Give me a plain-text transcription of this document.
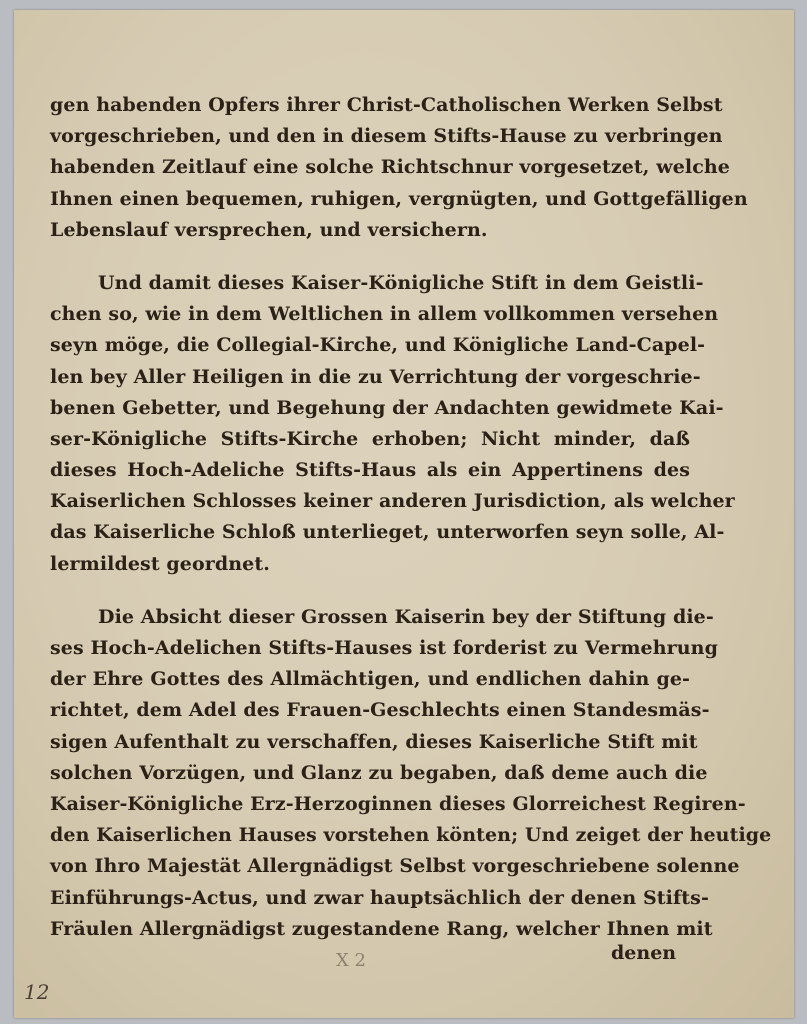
gen habenden Opfers ihrer Christ-Catholischen Werken Selbst
vorgeschrieben, und den in diesem Stifts-Hause zu verbringen
habenden Zeitlauf eine solche Richtschnur vorgesetzet, welche
Ihnen einen bequemen, ruhigen, vergnügten, und Gottgefälligen
Lebenslauf versprechen, und versichern.
Und damit dieses Kaiser-Königliche Stift in dem Geistli-
chen so, wie in dem Weltlichen in allem vollkommen versehen
seyn möge, die Collegial-Kirche, und Königliche Land-Capel-
len bey Aller Heiligen in die zu Verrichtung der vorgeschrie-
benen Gebetter, und Begehung der Andachten gewidmete Kai-
ser-Königliche Stifts-Kirche erhoben; Nicht minder, daß
dieses Hoch-Adeliche Stifts-Haus als ein Appertinens des
Kaiserlichen Schlosses keiner anderen Jurisdiction, als welcher
das Kaiserliche Schloß unterlieget, unterworfen seyn solle, Al-
lermildest geordnet.
Die Absicht dieser Grossen Kaiserin bey der Stiftung die-
ses Hoch-Adelichen Stifts-Hauses ist forderist zu Vermehrung
der Ehre Gottes des Allmächtigen, und endlichen dahin ge-
richtet, dem Adel des Frauen-Geschlechts einen Standesmäs-
sigen Aufenthalt zu verschaffen, dieses Kaiserliche Stift mit
solchen Vorzügen, und Glanz zu begaben, daß deme auch die
Kaiser-Königliche Erz-Herzoginnen dieses Glorreichest Regiren-
den Kaiserlichen Hauses vorstehen könten; Und zeiget der heutige
von Ihro Majestät Allergnädigst Selbst vorgeschriebene solenne
Einführungs-Actus, und zwar hauptsächlich der denen Stifts-
Fräulen Allergnädigst zugestandene Rang, welcher Ihnen mit
X 2	denen
12
